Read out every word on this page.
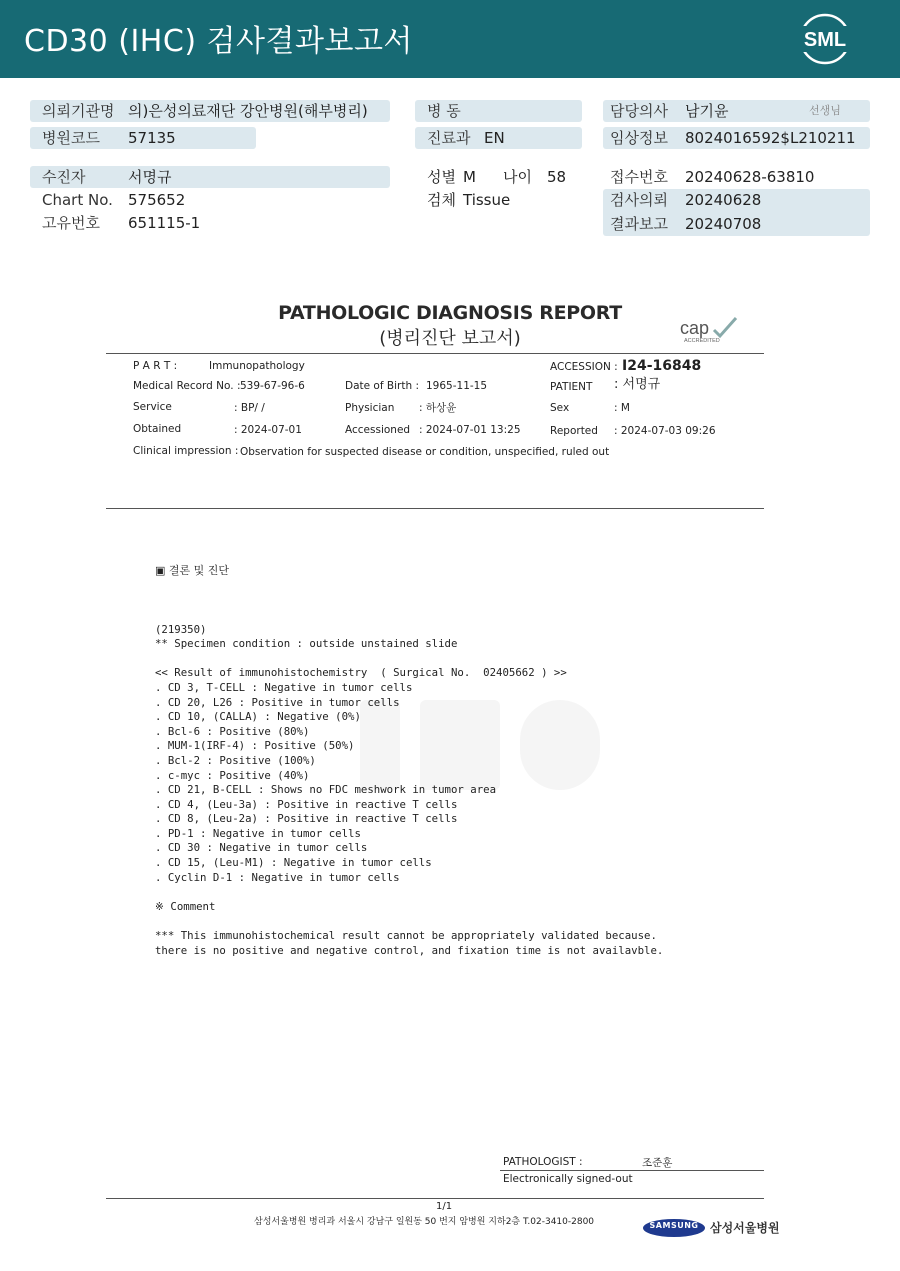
CD30 (IHC) 검사결과보고서	SML
의뢰기관명 의)은성의료재단 강안병원(해부병리)
병원코드 57135
수진자	서명규
Chart No. 575652
고유번호 651115-1
병 동
진료과 EN
성별 M 나이 58
검체 Tissue
담당의사 남기윤	선생님
임상정보 8024016592$L210211
접수번호 20240628-63810
검사의뢰 20240628
결과보고 20240708
PATHOLOGIC DIAGNOSIS REPORT
(병리진단 보고서)	cap
ACCREDITED
P A R T :	Immunopathology	ACCESSION : I24-16848
Medical Record No. : 539-67-96-6	Date of Birth : 1965-11-15	PATIENT : 서명규
Service	: BP/ /	Physician : 하상윤	Sex	: M
Obtained	: 2024-07-01	Accessioned : 2024-07-01 13:25	Reported : 2024-07-03 09:26
Clinical impression : Observation for suspected disease or condition, unspecified, ruled out

▣ 결론 및 진단

(219350)
** Specimen condition : outside unstained slide
<< Result of immunohistochemistry  ( Surgical No.  02405662 ) >>
. CD 3, T-CELL : Negative in tumor cells
. CD 20, L26 : Positive in tumor cells
. CD 10, (CALLA) : Negative (0%)
. Bcl-6 : Positive (80%)
. MUM-1(IRF-4) : Positive (50%)
. Bcl-2 : Positive (100%)
. c-myc : Positive (40%)
. CD 21, B-CELL : Shows no FDC meshwork in tumor area
. CD 4, (Leu-3a) : Positive in reactive T cells
. CD 8, (Leu-2a) : Positive in reactive T cells
. PD-1 : Negative in tumor cells
. CD 30 : Negative in tumor cells
. CD 15, (Leu-M1) : Negative in tumor cells
. Cyclin D-1 : Negative in tumor cells
※ Comment
*** This immunohistochemical result cannot be appropriately validated because.
there is no positive and negative control, and fixation time is not availavble.

PATHOLOGIST :	조준훈
Electronically signed-out
1/1
삼성서울병원 병리과 서울시 강남구 일원동 50 번지 암병원 지하2층 T.02-3410-2800	SAMSUNG 삼성서울병원
